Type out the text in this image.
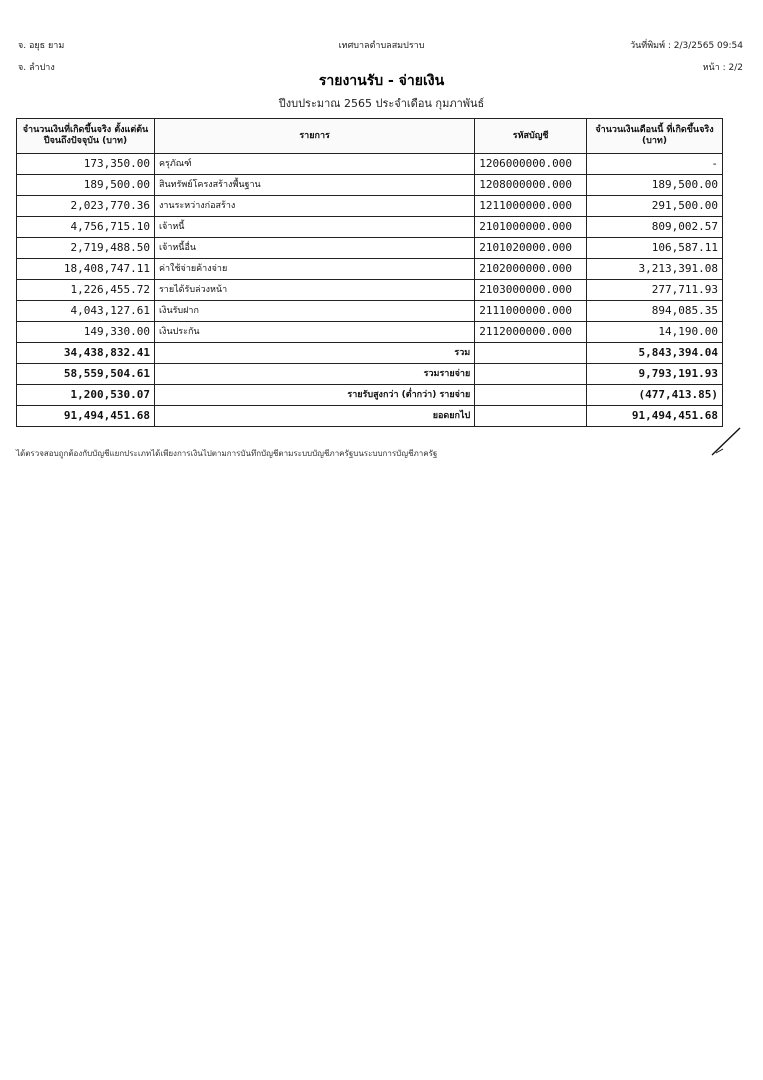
จ. อยุธ ยาม
จ. ลำปาง
เทศบาลตำบลสมปราบ	วันที่พิมพ์ : 2/3/2565 09:54
หน้า : 2/2
รายงานรับ - จ่ายเงิน
ปีงบประมาณ 2565 ประจำเดือน กุมภาพันธ์
จำนวนเงินที่เกิดขึ้นจริง ตั้งแต่ต้นปีจนถึงปัจจุบัน (บาท)	รายการ	รหัสบัญชี	จำนวนเงินเดือนนี้ ที่เกิดขึ้นจริง (บาท)
173,350.00	ครุภัณฑ์	1206000000.000	-
189,500.00	สินทรัพย์โครงสร้างพื้นฐาน	1208000000.000	189,500.00
2,023,770.36	งานระหว่างก่อสร้าง	1211000000.000	291,500.00
4,756,715.10	เจ้าหนี้	2101000000.000	809,002.57
2,719,488.50	เจ้าหนี้อื่น	2101020000.000	106,587.11
18,408,747.11	ค่าใช้จ่ายค้างจ่าย	2102000000.000	3,213,391.08
1,226,455.72	รายได้รับล่วงหน้า	2103000000.000	277,711.93
4,043,127.61	เงินรับฝาก	2111000000.000	894,085.35
149,330.00	เงินประกัน	2112000000.000	14,190.00
34,438,832.41	รวม		5,843,394.04
58,559,504.61	รวมรายจ่าย		9,793,191.93
1,200,530.07	รายรับสูงกว่า (ต่ำกว่า) รายจ่าย		(477,413.85)
91,494,451.68	ยอดยกไป		91,494,451.68
ได้ตรวจสอบถูกต้องกับบัญชีแยกประเภทได้เพียงการเงินไปตามการบันทึกบัญชีตามระบบบัญชีภาครัฐบนระบบการบัญชีภาครัฐ
